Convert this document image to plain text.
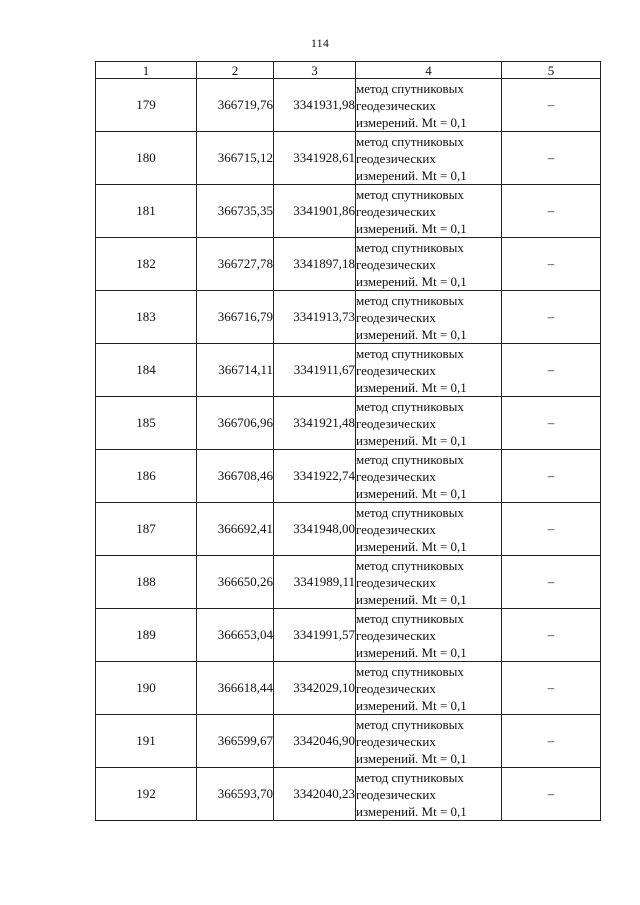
114
1	2	3	4	5
179	366719,76	3341931,98	метод спутниковых
геодезических
измерений. Mt = 0,1	–
180	366715,12	3341928,61	метод спутниковых
геодезических
измерений. Mt = 0,1	–
181	366735,35	3341901,86	метод спутниковых
геодезических
измерений. Mt = 0,1	–
182	366727,78	3341897,18	метод спутниковых
геодезических
измерений. Mt = 0,1	–
183	366716,79	3341913,73	метод спутниковых
геодезических
измерений. Mt = 0,1	–
184	366714,11	3341911,67	метод спутниковых
геодезических
измерений. Mt = 0,1	–
185	366706,96	3341921,48	метод спутниковых
геодезических
измерений. Mt = 0,1	–
186	366708,46	3341922,74	метод спутниковых
геодезических
измерений. Mt = 0,1	–
187	366692,41	3341948,00	метод спутниковых
геодезических
измерений. Mt = 0,1	–
188	366650,26	3341989,11	метод спутниковых
геодезических
измерений. Mt = 0,1	–
189	366653,04	3341991,57	метод спутниковых
геодезических
измерений. Mt = 0,1	–
190	366618,44	3342029,10	метод спутниковых
геодезических
измерений. Mt = 0,1	–
191	366599,67	3342046,90	метод спутниковых
геодезических
измерений. Mt = 0,1	–
192	366593,70	3342040,23	метод спутниковых
геодезических
измерений. Mt = 0,1	–
